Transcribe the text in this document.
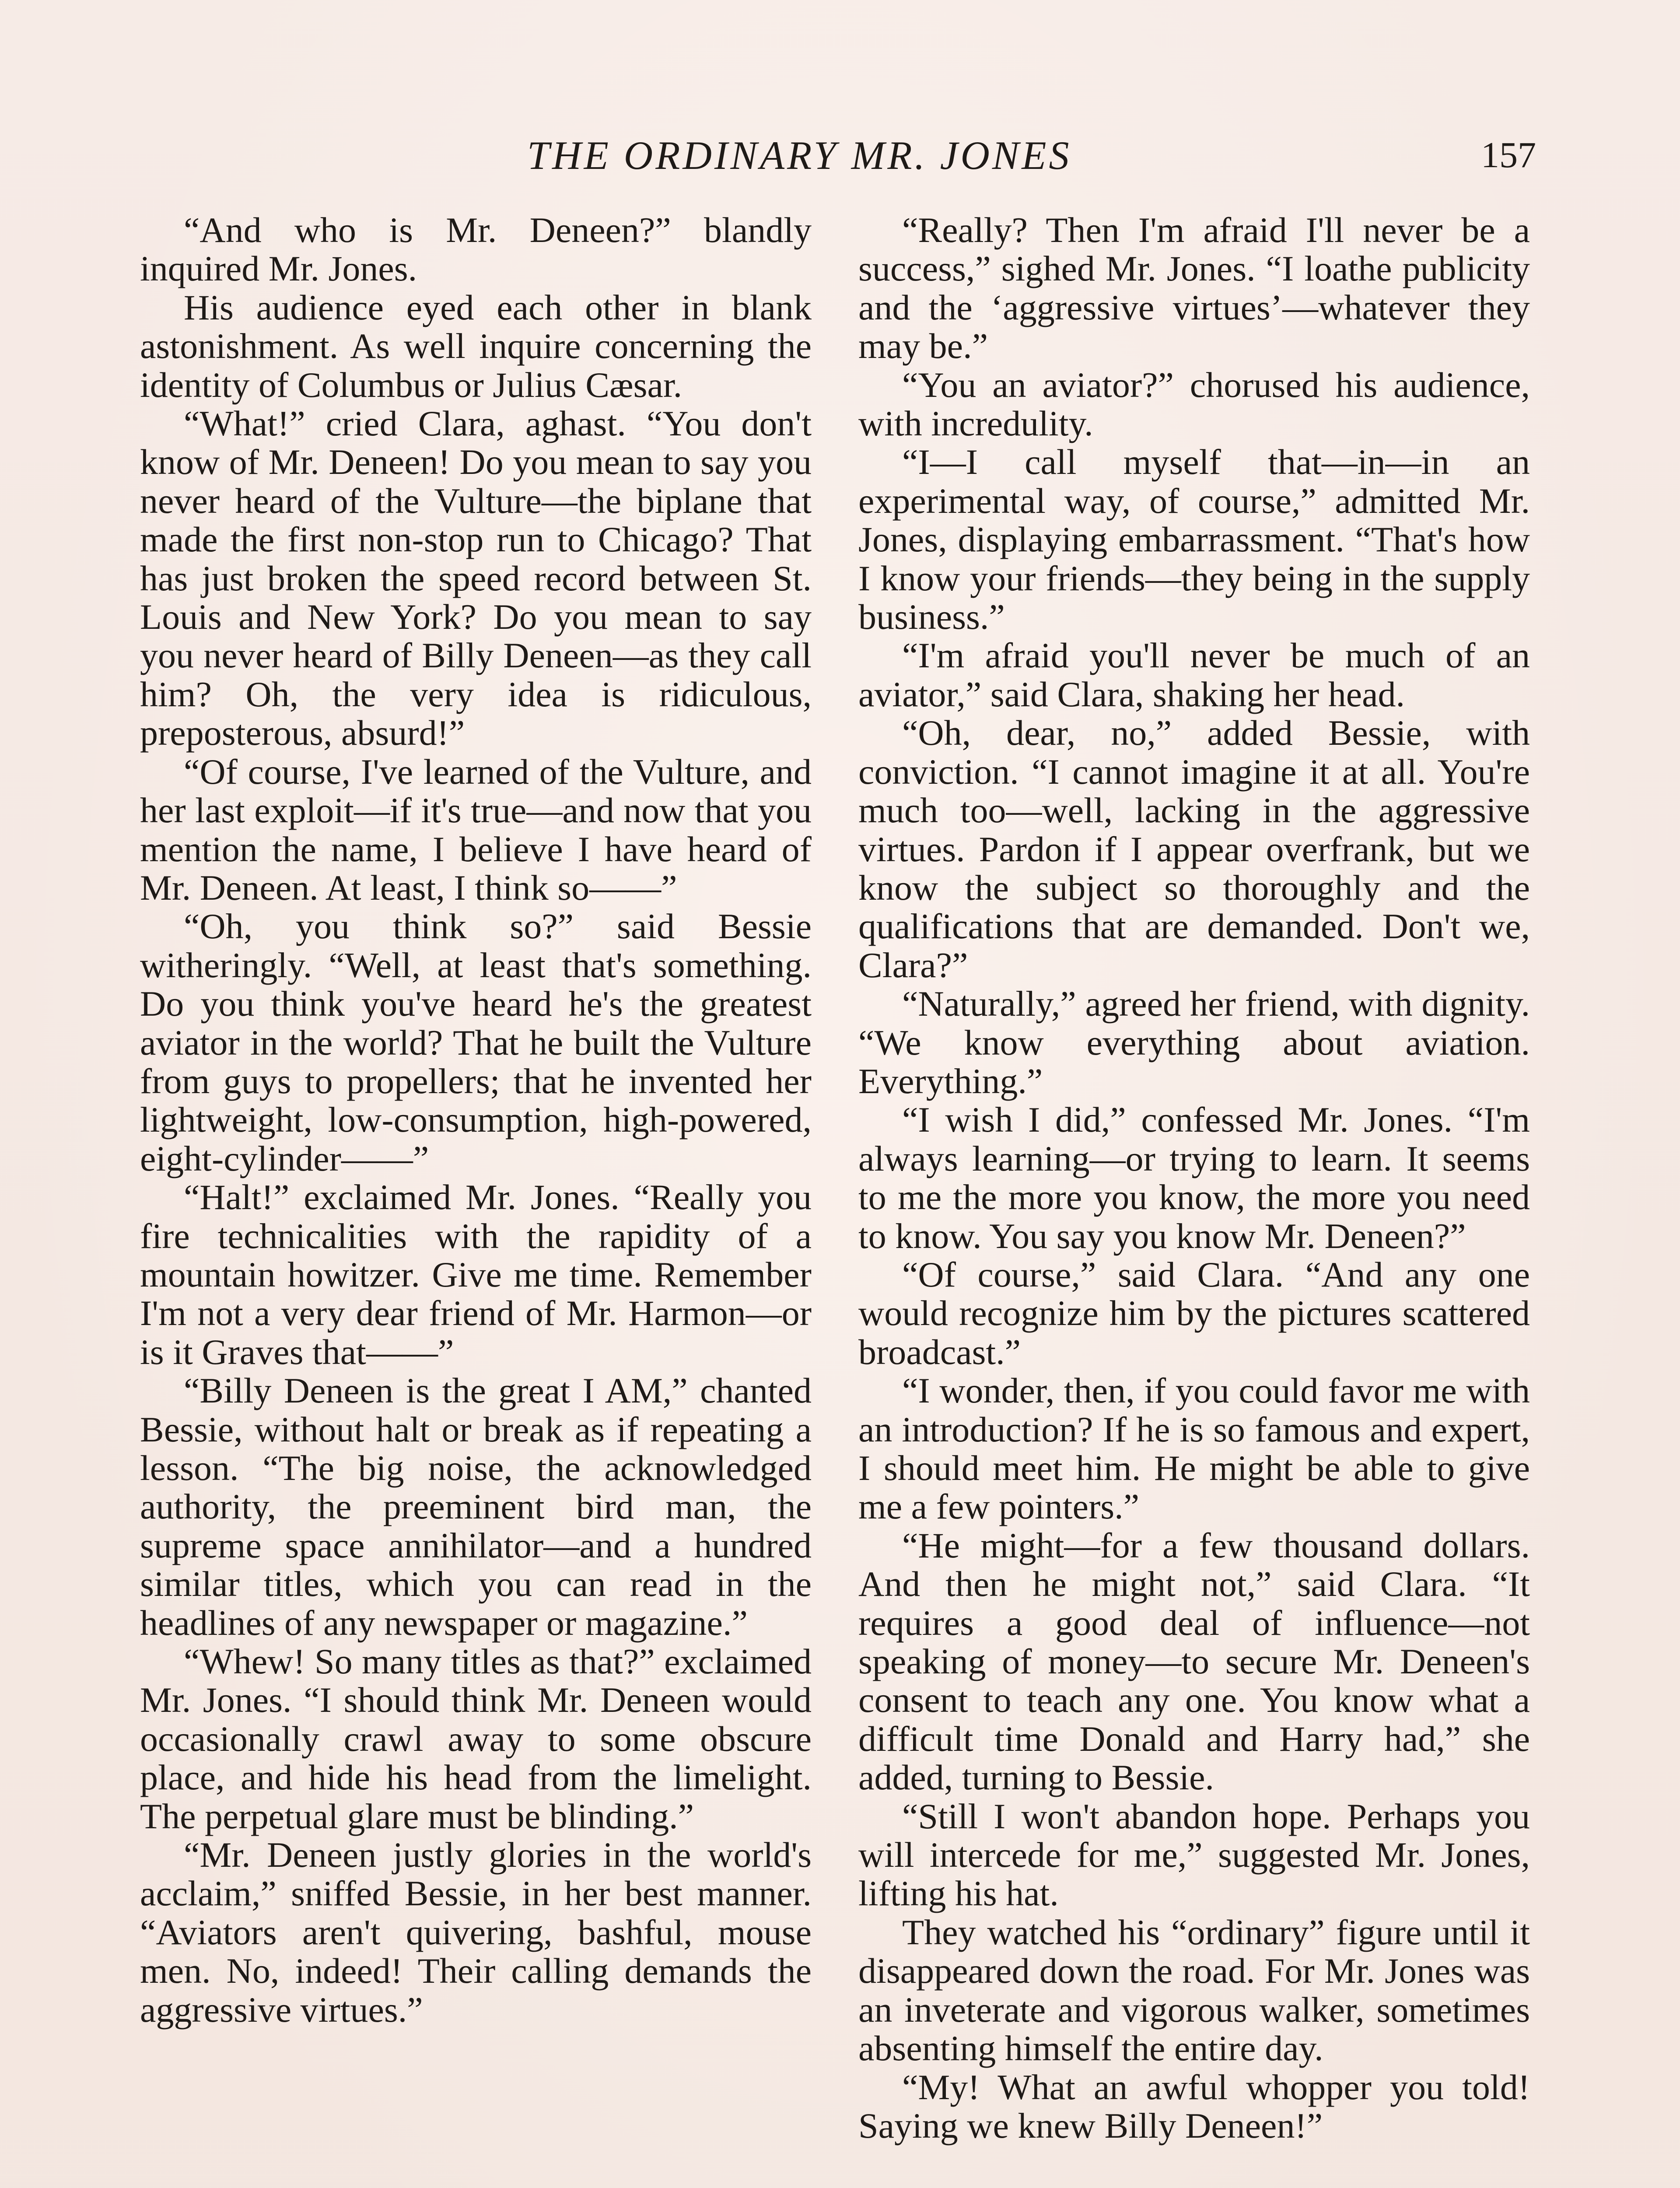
THE ORDINARY MR. JONES	157

“And who is Mr. Deneen?” blandly inquired Mr. Jones.

His audience eyed each other in blank astonishment. As well inquire concerning the identity of Columbus or Julius Cæsar.

“What!” cried Clara, aghast. “You don't know of Mr. Deneen! Do you mean to say you never heard of the Vulture—the biplane that made the first non-stop run to Chicago? That has just broken the speed record between St. Louis and New York? Do you mean to say you never heard of Billy Deneen—as they call him? Oh, the very idea is ridiculous, preposterous, absurd!”

“Of course, I've learned of the Vulture, and her last exploit—if it's true—and now that you mention the name, I believe I have heard of Mr. Deneen. At least, I think so——”

“Oh, you think so?” said Bessie witheringly. “Well, at least that's something. Do you think you've heard he's the greatest aviator in the world? That he built the Vulture from guys to propellers; that he invented her lightweight, low-consumption, high-powered, eight-cylinder——”

“Halt!” exclaimed Mr. Jones. “Really you fire technicalities with the rapidity of a mountain howitzer. Give me time. Remember I'm not a very dear friend of Mr. Harmon—or is it Graves that——”

“Billy Deneen is the great I AM,” chanted Bessie, without halt or break as if repeating a lesson. “The big noise, the acknowledged authority, the preeminent bird man, the supreme space annihilator—and a hundred similar titles, which you can read in the headlines of any newspaper or magazine.”

“Whew! So many titles as that?” exclaimed Mr. Jones. “I should think Mr. Deneen would occasionally crawl away to some obscure place, and hide his head from the limelight. The perpetual glare must be blinding.”

“Mr. Deneen justly glories in the world's acclaim,” sniffed Bessie, in her best manner. “Aviators aren't quivering, bashful, mouse men. No, indeed! Their calling demands the aggressive virtues.”

“Really? Then I'm afraid I'll never be a success,” sighed Mr. Jones. “I loathe publicity and the ‘aggressive virtues’—whatever they may be.”

“You an aviator?” chorused his audience, with incredulity.

“I—I call myself that—in—in an experimental way, of course,” admitted Mr. Jones, displaying embarrassment. “That's how I know your friends—they being in the supply business.”

“I'm afraid you'll never be much of an aviator,” said Clara, shaking her head.

“Oh, dear, no,” added Bessie, with conviction. “I cannot imagine it at all. You're much too—well, lacking in the aggressive virtues. Pardon if I appear overfrank, but we know the subject so thoroughly and the qualifications that are demanded. Don't we, Clara?”

“Naturally,” agreed her friend, with dignity. “We know everything about aviation. Everything.”

“I wish I did,” confessed Mr. Jones. “I'm always learning—or trying to learn. It seems to me the more you know, the more you need to know. You say you know Mr. Deneen?”

“Of course,” said Clara. “And any one would recognize him by the pictures scattered broadcast.”

“I wonder, then, if you could favor me with an introduction? If he is so famous and expert, I should meet him. He might be able to give me a few pointers.”

“He might—for a few thousand dollars. And then he might not,” said Clara. “It requires a good deal of influence—not speaking of money—to secure Mr. Deneen's consent to teach any one. You know what a difficult time Donald and Harry had,” she added, turning to Bessie.

“Still I won't abandon hope. Perhaps you will intercede for me,” suggested Mr. Jones, lifting his hat.

They watched his “ordinary” figure until it disappeared down the road. For Mr. Jones was an inveterate and vigorous walker, sometimes absenting himself the entire day.

“My! What an awful whopper you told! Saying we knew Billy Deneen!”
